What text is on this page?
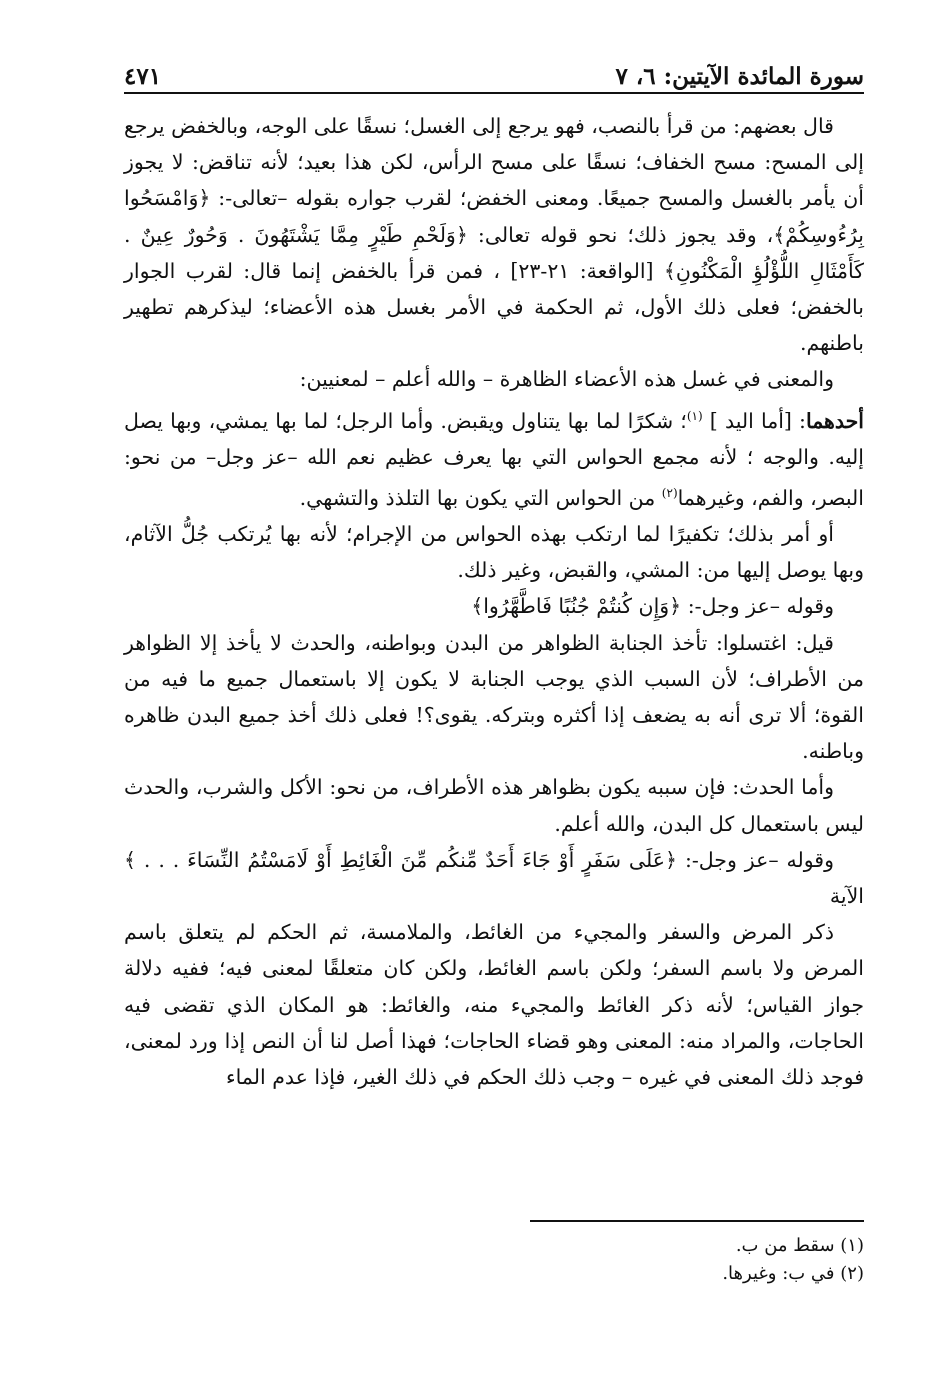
سورة المائدة الآيتين: ٦، ٧
٤٧١

قال بعضهم: من قرأ بالنصب، فهو يرجع إلى الغسل؛ نسقًا على الوجه، وبالخفض يرجع إلى المسح: مسح الخفاف؛ نسقًا على مسح الرأس، لكن هذا بعيد؛ لأنه تناقض: لا يجوز أن يأمر بالغسل والمسح جميعًا. ومعنى الخفض؛ لقرب جواره بقوله –تعالى-: ﴿وَامْسَحُوا بِرُءُوسِكُمْ﴾، وقد يجوز ذلك؛ نحو قوله تعالى: ﴿وَلَحْمِ طَيْرٍ مِمَّا يَشْتَهُونَ . وَحُورٌ عِينٌ . كَأَمْثَالِ اللُّؤْلُؤِ الْمَكْنُونِ﴾ [الواقعة: ٢١-٢٣] ، فمن قرأ بالخفض إنما قال: لقرب الجوار بالخفض؛ فعلى ذلك الأول، ثم الحكمة في الأمر بغسل هذه الأعضاء؛ ليذكرهم تطهير باطنهم.

والمعنى في غسل هذه الأعضاء الظاهرة – والله أعلم – لمعنيين:

أحدهما: [أما اليد ] $^{(١)}$؛ شكرًا لما بها يتناول ويقبض. وأما الرجل؛ لما بها يمشي، وبها يصل إليه. والوجه ؛ لأنه مجمع الحواس التي بها يعرف عظيم نعم الله –عز وجل– من نحو: البصر، والفم، وغيرهما$^{(٢)}$ من الحواس التي يكون بها التلذذ والتشهي.

أو أمر بذلك؛ تكفيرًا لما ارتكب بهذه الحواس من الإجرام؛ لأنه بها يُرتكب جُلُّ الآثام، وبها يوصل إليها من: المشي، والقبض، وغير ذلك.

وقوله –عز وجل-: ﴿وَإِن كُنتُمْ جُنُبًا فَاطَّهَّرُوا﴾

قيل: اغتسلوا: تأخذ الجنابة الظواهر من البدن وبواطنه، والحدث لا يأخذ إلا الظواهر من الأطراف؛ لأن السبب الذي يوجب الجنابة لا يكون إلا باستعمال جميع ما فيه من القوة؛ ألا ترى أنه به يضعف إذا أكثره وبتركه. يقوى؟! فعلى ذلك أخذ جميع البدن ظاهره وباطنه.

وأما الحدث: فإن سببه يكون بظواهر هذه الأطراف، من نحو: الأكل والشرب، والحدث ليس باستعمال كل البدن، والله أعلم.

وقوله –عز وجل-: ﴿عَلَى سَفَرٍ أَوْ جَاءَ أَحَدٌ مِّنكُم مِّنَ الْغَائِطِ أَوْ لَامَسْتُمُ النِّسَاءَ . . . ﴾ الآية

ذكر المرض والسفر والمجيء من الغائط، والملامسة، ثم الحكم لم يتعلق باسم المرض ولا باسم السفر؛ ولكن باسم الغائط، ولكن كان متعلقًا لمعنى فيه؛ ففيه دلالة جواز القياس؛ لأنه ذكر الغائط والمجيء منه، والغائط: هو المكان الذي تقضى فيه الحاجات، والمراد منه: المعنى وهو قضاء الحاجات؛ فهذا أصل لنا أن النص إذا ورد لمعنى، فوجد ذلك المعنى في غيره – وجب ذلك الحكم في ذلك الغير، فإذا عدم الماء

(١) سقط من ب.
(٢) في ب: وغيرها.
